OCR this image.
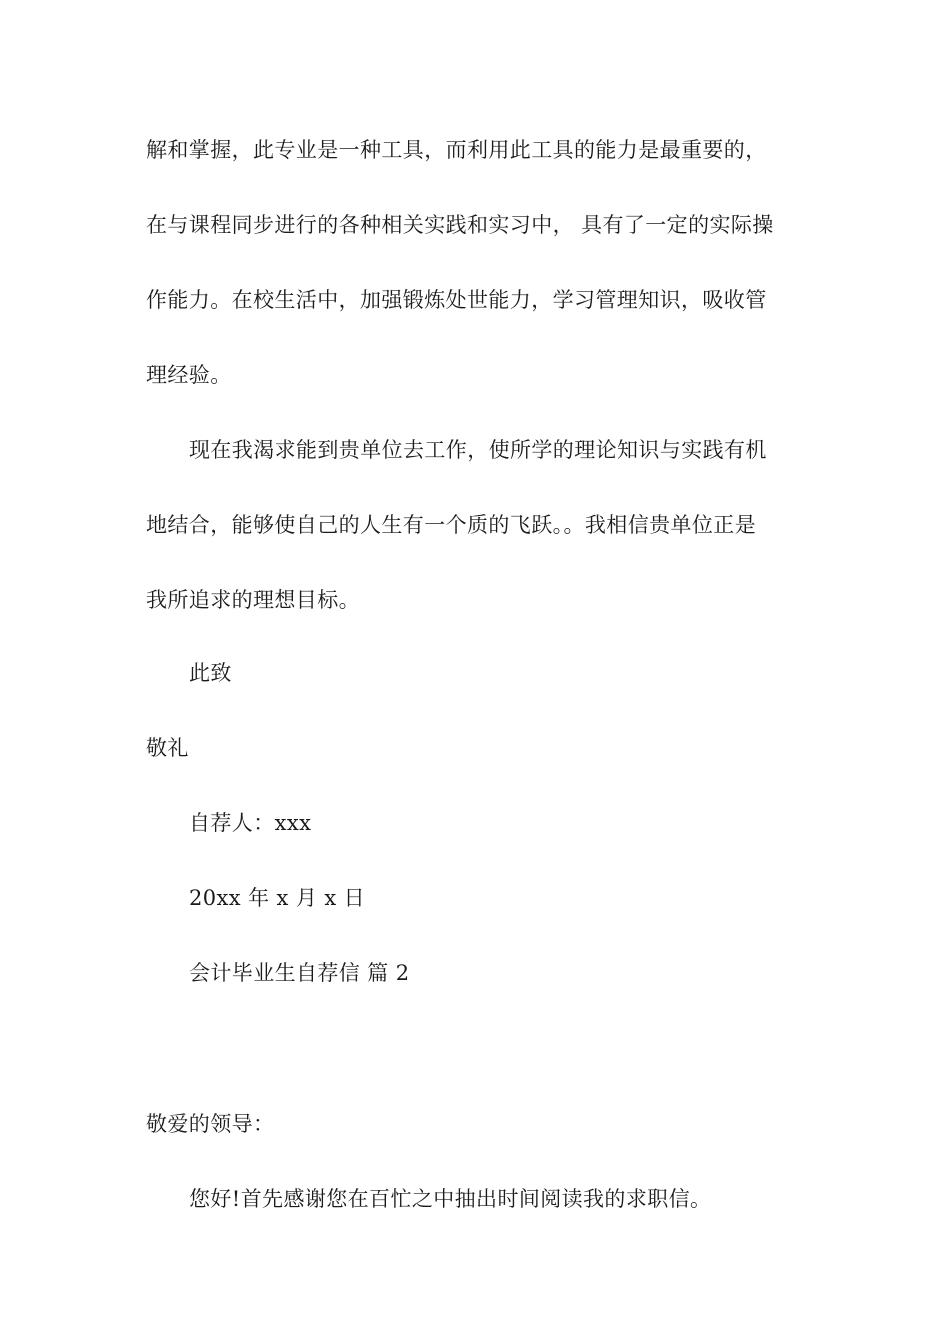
解和掌握，此专业是一种工具，而利用此工具的能力是最重要的，
在与课程同步进行的各种相关实践和实习中， 具有了一定的实际操
作能力。在校生活中，加强锻炼处世能力，学习管理知识，吸收管
理经验。
现在我渴求能到贵单位去工作，使所学的理论知识与实践有机
地结合，能够使自己的人生有一个质的飞跃。。我相信贵单位正是
我所追求的理想目标。
此致
敬礼
自荐人：xxx
20xx 年 x 月 x 日
会计毕业生自荐信 篇 2
敬爱的领导：
您好!首先感谢您在百忙之中抽出时间阅读我的求职信。
